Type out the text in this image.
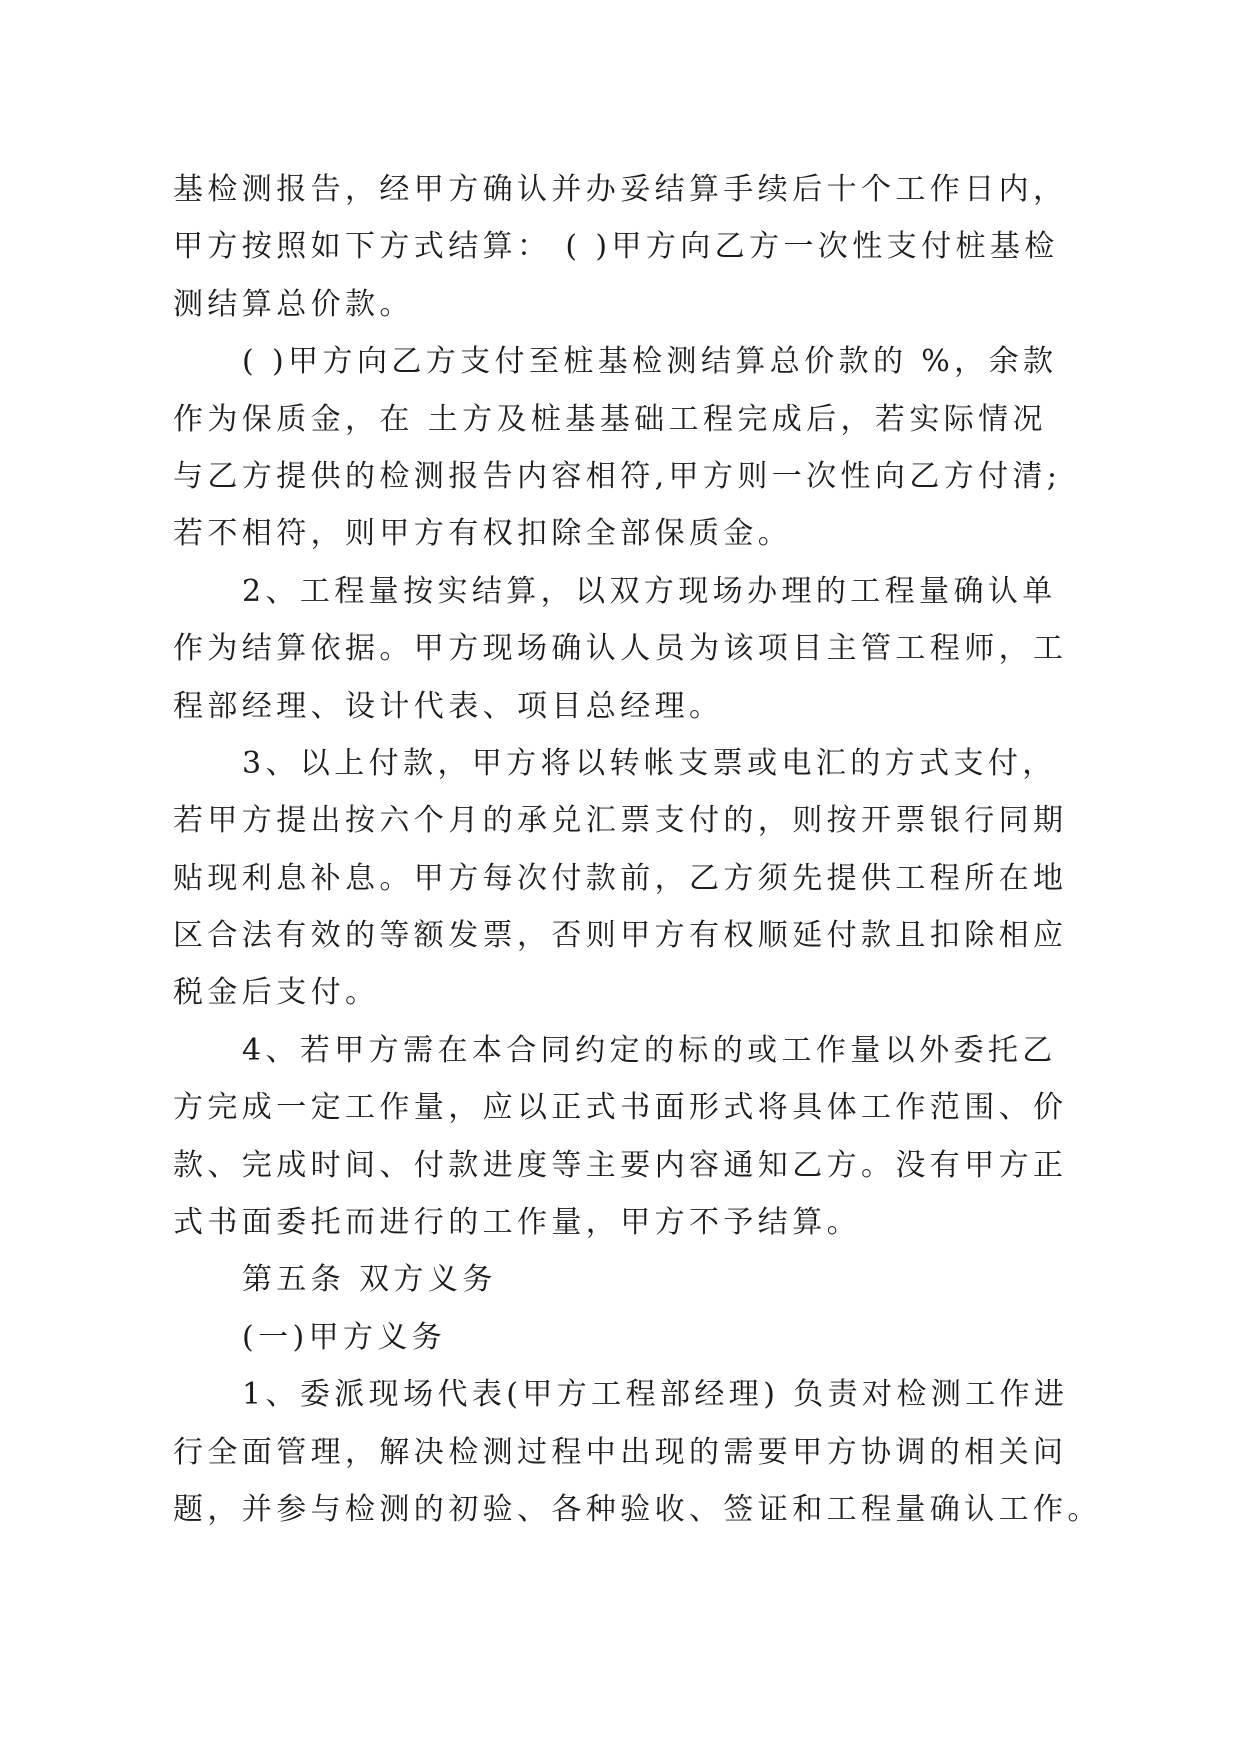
基检测报告，经甲方确认并办妥结算手续后十个工作日内，
甲方按照如下方式结算： ( )甲方向乙方一次性支付桩基检
测结算总价款。
( )甲方向乙方支付至桩基检测结算总价款的 %，余款
作为保质金，在 土方及桩基基础工程完成后，若实际情况
与乙方提供的检测报告内容相符,甲方则一次性向乙方付清;
若不相符，则甲方有权扣除全部保质金。
2、工程量按实结算，以双方现场办理的工程量确认单
作为结算依据。甲方现场确认人员为该项目主管工程师，工
程部经理、设计代表、项目总经理。
3、以上付款，甲方将以转帐支票或电汇的方式支付，
若甲方提出按六个月的承兑汇票支付的，则按开票银行同期
贴现利息补息。甲方每次付款前，乙方须先提供工程所在地
区合法有效的等额发票，否则甲方有权顺延付款且扣除相应
税金后支付。
4、若甲方需在本合同约定的标的或工作量以外委托乙
方完成一定工作量，应以正式书面形式将具体工作范围、价
款、完成时间、付款进度等主要内容通知乙方。没有甲方正
式书面委托而进行的工作量，甲方不予结算。
第五条 双方义务
(一)甲方义务
1、委派现场代表(甲方工程部经理) 负责对检测工作进
行全面管理，解决检测过程中出现的需要甲方协调的相关问
题，并参与检测的初验、各种验收、签证和工程量确认工作。
